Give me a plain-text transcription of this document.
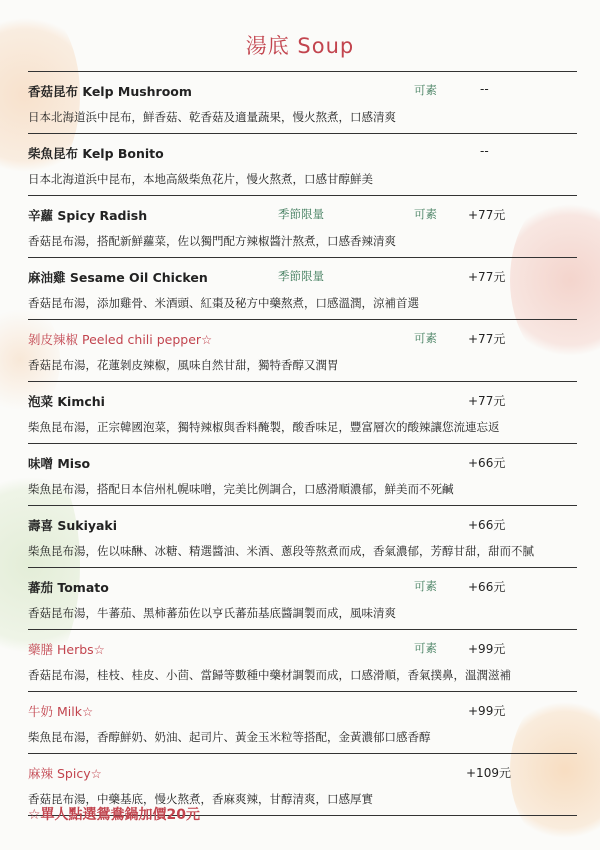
湯底 Soup
香菇昆布 Kelp Mushroom	可素	--
日本北海道浜中昆布，鮮香菇、乾香菇及適量蔬果，慢火熬煮，口感清爽
柴魚昆布 Kelp Bonito	--
日本北海道浜中昆布，本地高級柴魚花片，慢火熬煮，口感甘醇鮮美
辛蘿 Spicy Radish	季節限量	可素	+77元
香菇昆布湯，搭配新鮮蘿菜，佐以獨門配方辣椒醬汁熬煮，口感香辣清爽
麻油雞 Sesame Oil Chicken	季節限量	+77元
香菇昆布湯，添加雞骨、米酒頭、紅棗及秘方中藥熬煮，口感溫潤，涼補首選
剝皮辣椒 Peeled chili pepper☆	可素	+77元
香菇昆布湯，花蓮剝皮辣椒，風味自然甘甜，獨特香醇又潤胃
泡菜 Kimchi	+77元
柴魚昆布湯，正宗韓國泡菜，獨特辣椒與香料醃製，酸香味足，豐富層次的酸辣讓您流連忘返
味噌 Miso	+66元
柴魚昆布湯，搭配日本信州札幌味噌，完美比例調合，口感滑順濃郁，鮮美而不死鹹
壽喜 Sukiyaki	+66元
柴魚昆布湯，佐以味醂、冰糖、精選醬油、米酒、蔥段等熬煮而成，香氣濃郁，芳醇甘甜，甜而不膩
蕃茄 Tomato	可素	+66元
香菇昆布湯，牛蕃茄、黑柿蕃茄佐以亨氏蕃茄基底醬調製而成，風味清爽
藥膳 Herbs☆	可素	+99元
香菇昆布湯，桂枝、桂皮、小茴、當歸等數種中藥材調製而成，口感滑順，香氣撲鼻，溫潤滋補
牛奶 Milk☆	+99元
柴魚昆布湯，香醇鮮奶、奶油、起司片、黃金玉米粒等搭配，金黃濃郁口感香醇
麻辣 Spicy☆	+109元
香菇昆布湯，中藥基底，慢火熬煮，香麻爽辣，甘醇清爽，口感厚實
☆單人點選鴛鴦鍋加價20元
